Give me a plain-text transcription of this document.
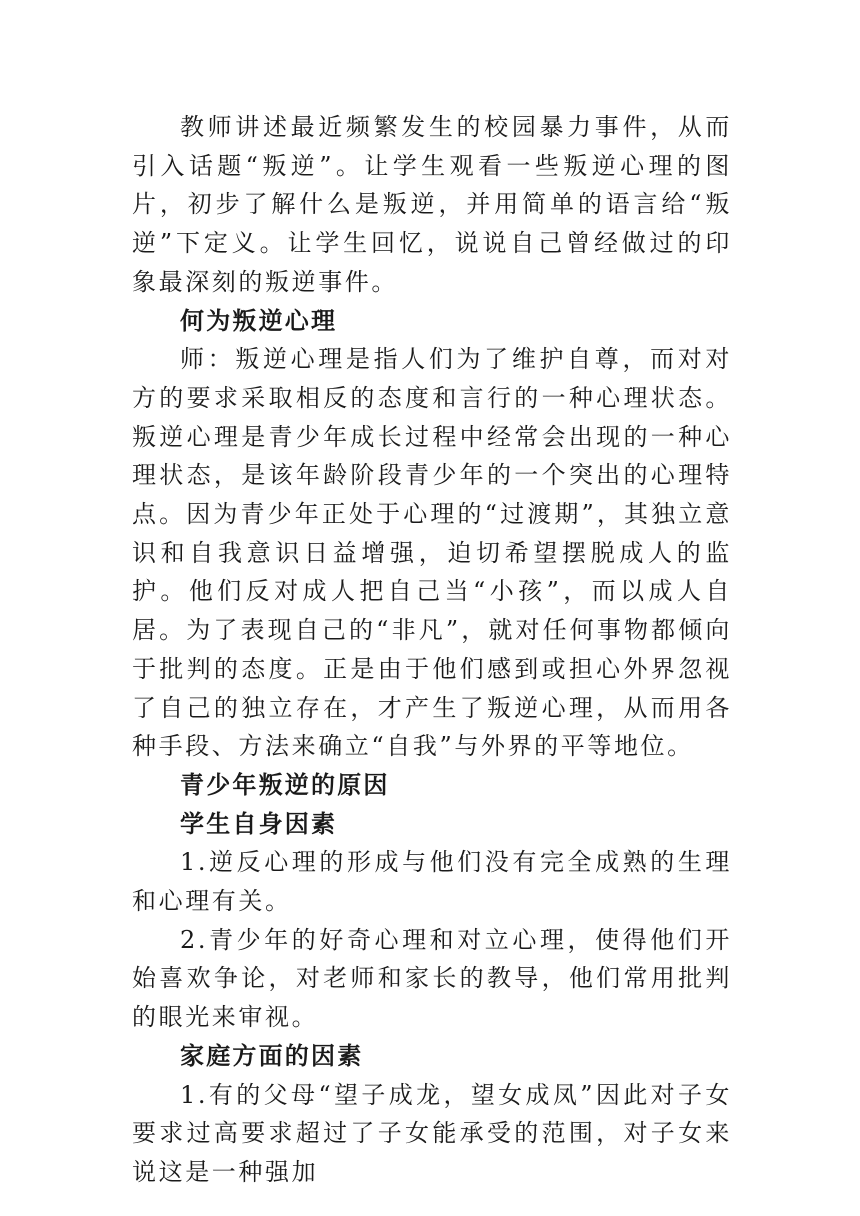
教师讲述最近频繁发生的校园暴力事件，从而引入话题“叛逆”。让学生观看一些叛逆心理的图片，初步了解什么是叛逆，并用简单的语言给“叛逆”下定义。让学生回忆，说说自己曾经做过的印象最深刻的叛逆事件。

何为叛逆心理

师：叛逆心理是指人们为了维护自尊，而对对方的要求采取相反的态度和言行的一种心理状态。叛逆心理是青少年成长过程中经常会出现的一种心理状态，是该年龄阶段青少年的一个突出的心理特点。因为青少年正处于心理的“过渡期”，其独立意识和自我意识日益增强，迫切希望摆脱成人的监护。他们反对成人把自己当“小孩”，而以成人自居。为了表现自己的“非凡”，就对任何事物都倾向于批判的态度。正是由于他们感到或担心外界忽视了自己的独立存在，才产生了叛逆心理，从而用各种手段、方法来确立“自我”与外界的平等地位。

青少年叛逆的原因

学生自身因素

1.逆反心理的形成与他们没有完全成熟的生理和心理有关。

2.青少年的好奇心理和对立心理，使得他们开始喜欢争论，对老师和家长的教导，他们常用批判的眼光来审视。

家庭方面的因素

1.有的父母“望子成龙，望女成凤”因此对子女要求过高要求超过了子女能承受的范围，对子女来说这是一种强加
